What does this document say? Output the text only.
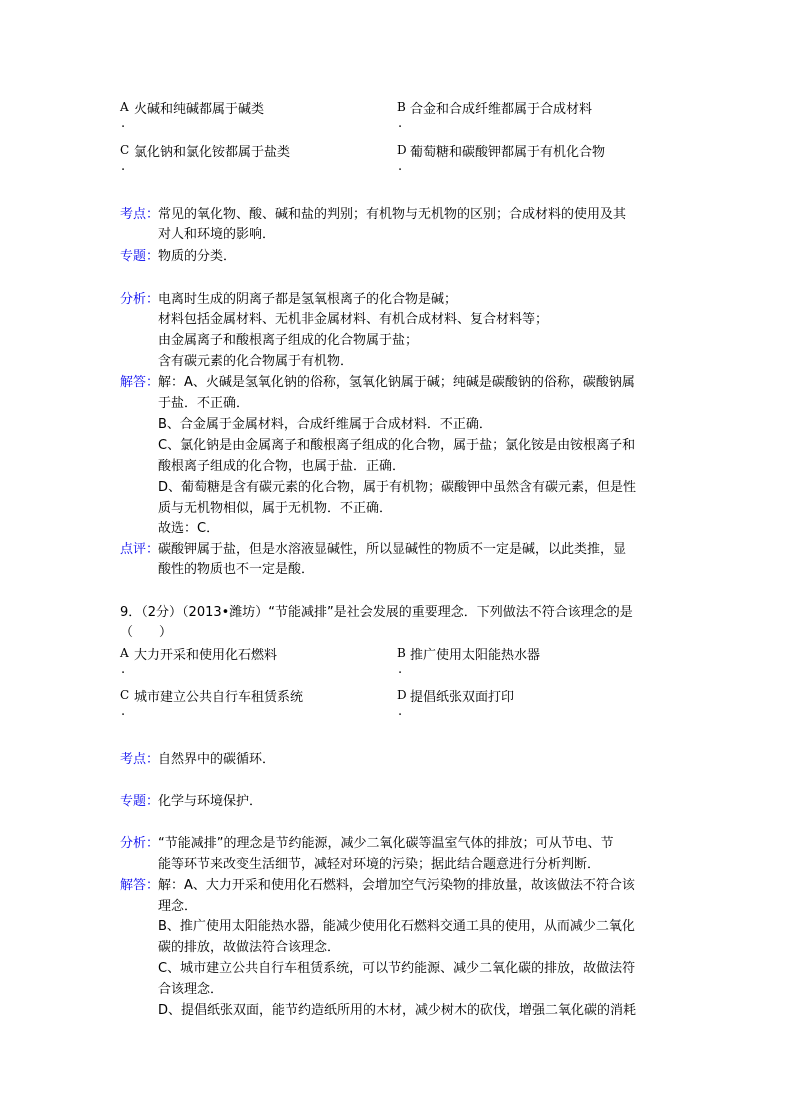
A 火碱和纯碱都属于碱类
.
B 合金和合成纤维都属于合成材料
.
C 氯化钠和氯化铵都属于盐类
.
D 葡萄糖和碳酸钾都属于有机化合物
.
考点：
常见的氧化物、酸、碱和盐的判别；有机物与无机物的区别；合成材料的使用及其
对人和环境的影响．
专题：
物质的分类．
分析：
电离时生成的阴离子都是氢氧根离子的化合物是碱；
材料包括金属材料、无机非金属材料、有机合成材料、复合材料等；
由金属离子和酸根离子组成的化合物属于盐；
含有碳元素的化合物属于有机物．
解答：
解：A、火碱是氢氧化钠的俗称，氢氧化钠属于碱；纯碱是碳酸钠的俗称，碳酸钠属
于盐．不正确．
B、合金属于金属材料，合成纤维属于合成材料．不正确．
C、氯化钠是由金属离子和酸根离子组成的化合物，属于盐；氯化铵是由铵根离子和
酸根离子组成的化合物，也属于盐．正确．
D、葡萄糖是含有碳元素的化合物，属于有机物；碳酸钾中虽然含有碳元素，但是性
质与无机物相似，属于无机物．不正确．
故选：C．
点评：
碳酸钾属于盐，但是水溶液显碱性，所以显碱性的物质不一定是碱，以此类推，显
酸性的物质也不一定是酸．
9．（2分）（2013•潍坊）“节能减排”是社会发展的重要理念．下列做法不符合该理念的是
（　　）
A 大力开采和使用化石燃料
.
B 推广使用太阳能热水器
.
C 城市建立公共自行车租赁系统
.
D 提倡纸张双面打印
.
考点：
自然界中的碳循环．
专题：
化学与环境保护．
分析：
“节能减排”的理念是节约能源，减少二氧化碳等温室气体的排放；可从节电、节
能等环节来改变生活细节，减轻对环境的污染；据此结合题意进行分析判断．
解答：
解：A、大力开采和使用化石燃料，会增加空气污染物的排放量，故该做法不符合该
理念．
B、推广使用太阳能热水器，能减少使用化石燃料交通工具的使用，从而减少二氧化
碳的排放，故做法符合该理念．
C、城市建立公共自行车租赁系统，可以节约能源、减少二氧化碳的排放，故做法符
合该理念．
D、提倡纸张双面，能节约造纸所用的木材，减少树木的砍伐，增强二氧化碳的消耗
